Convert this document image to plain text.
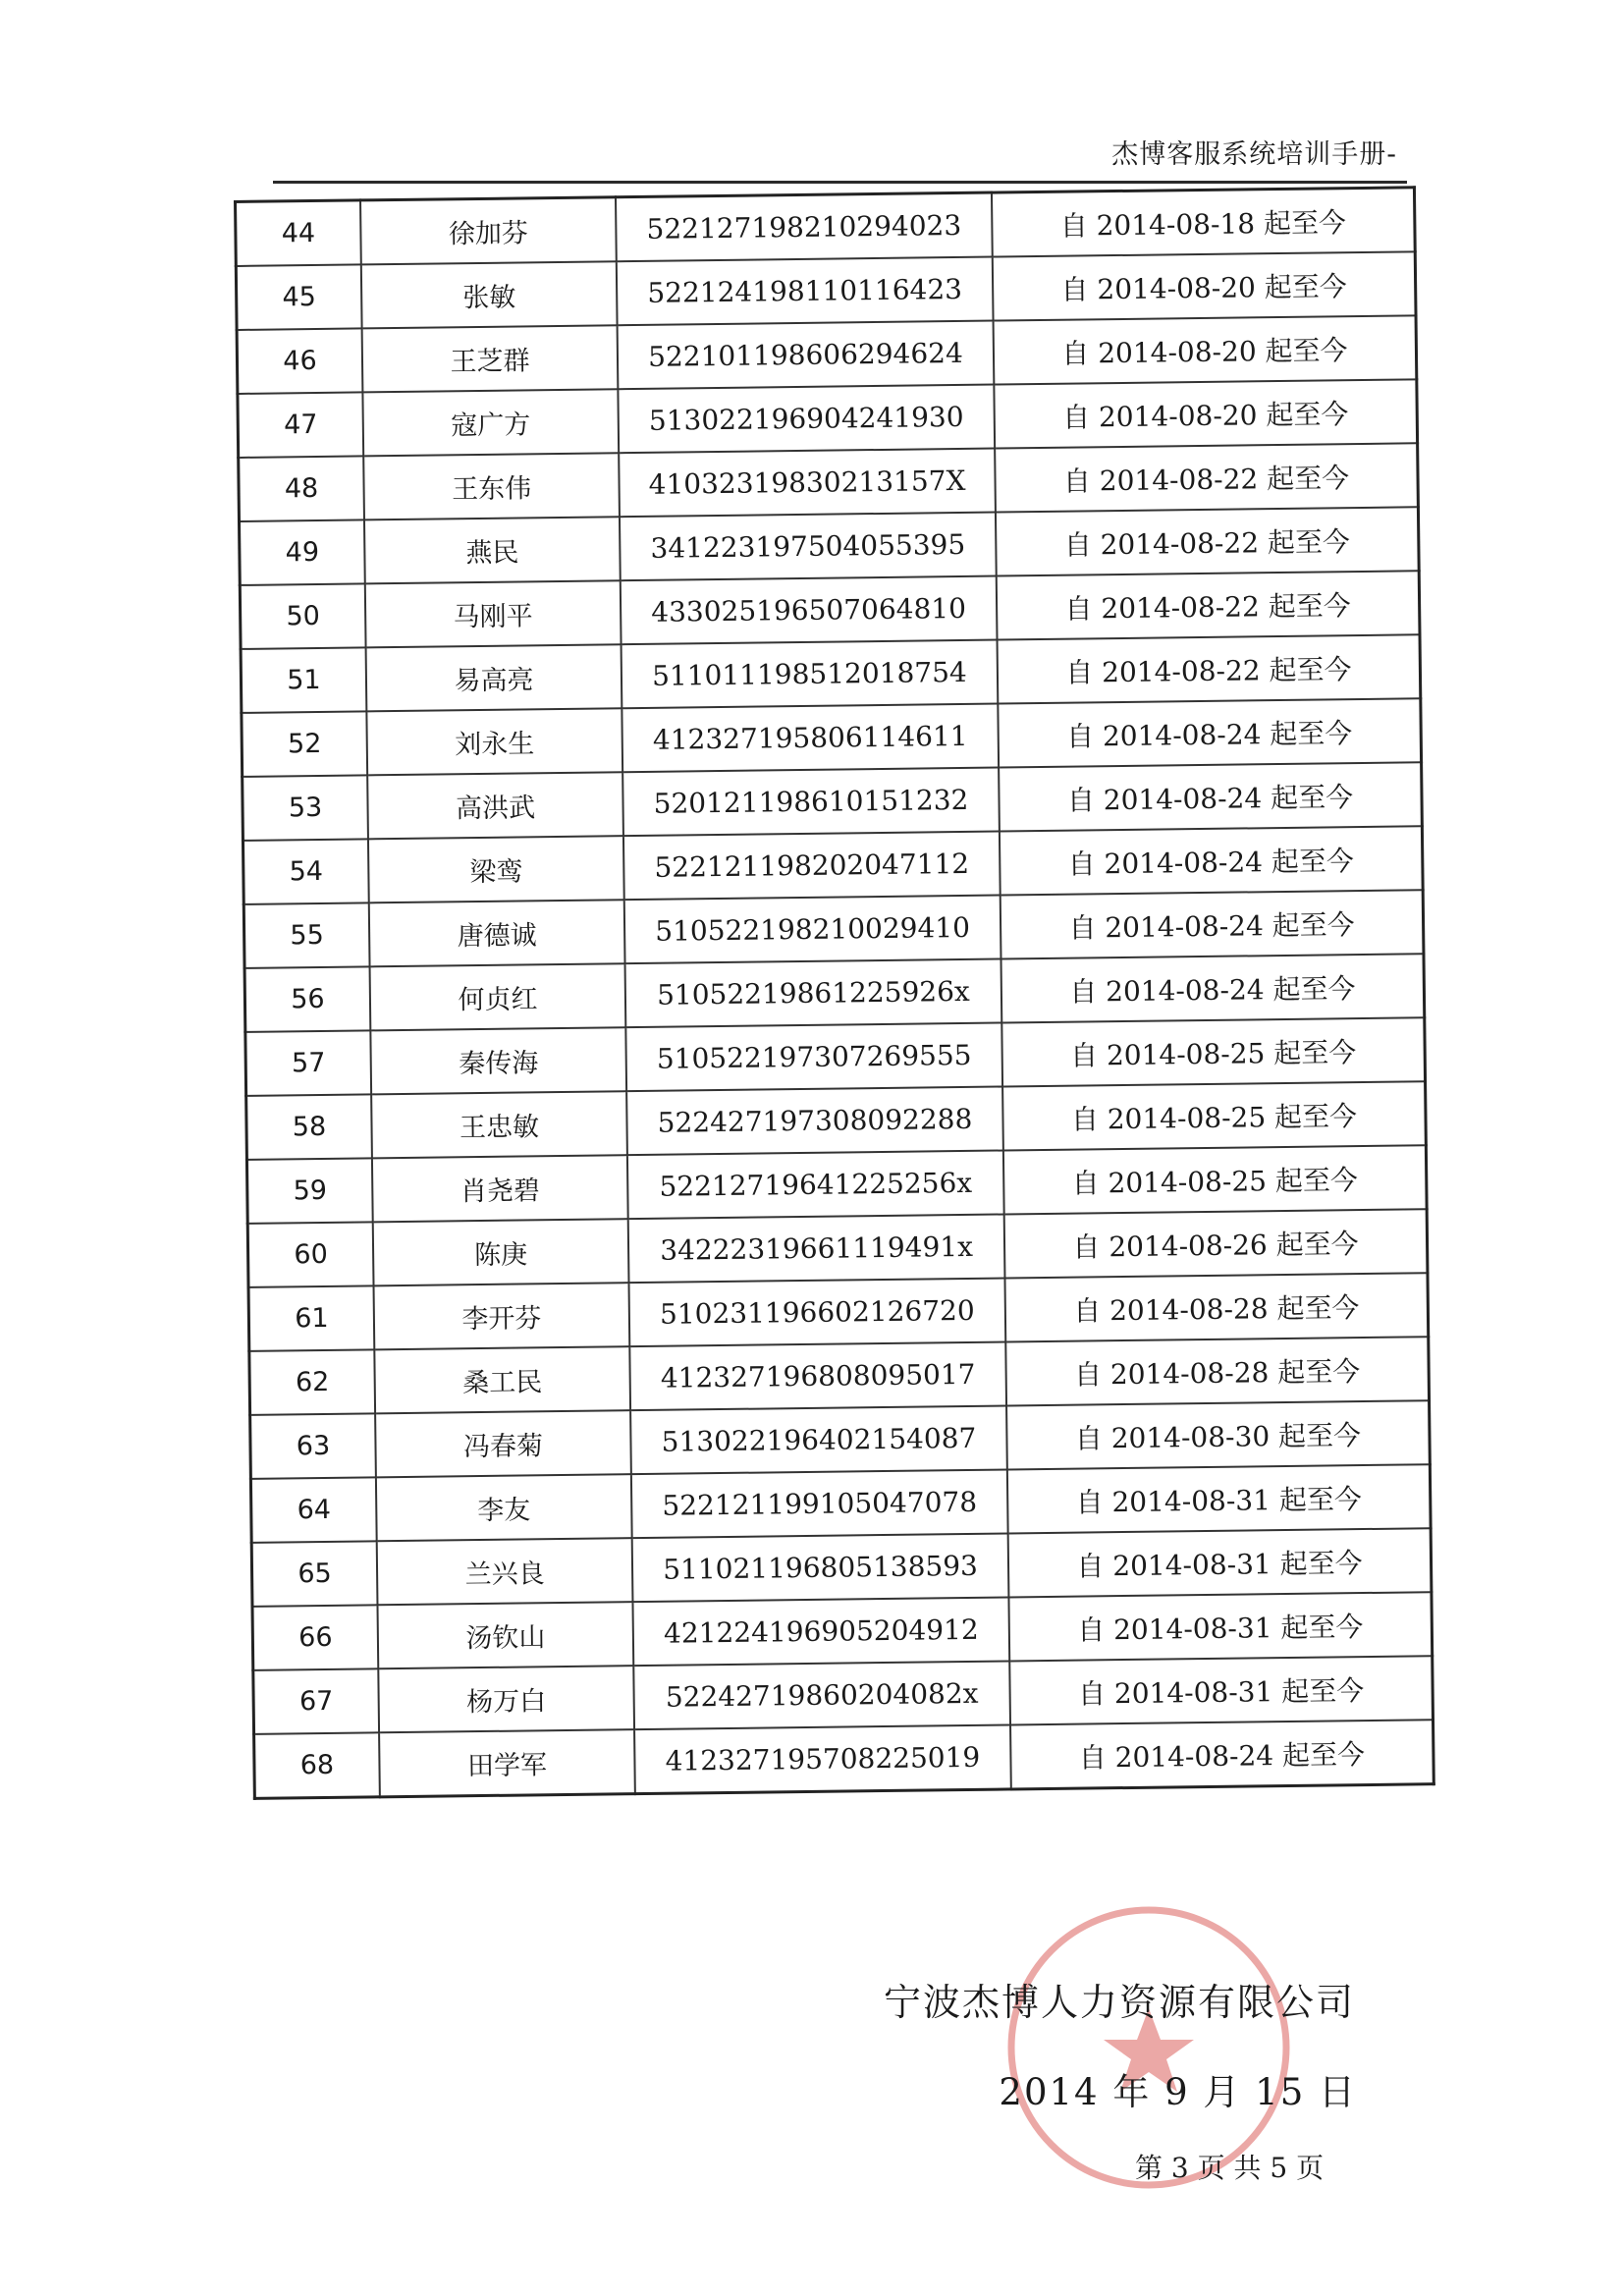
杰博客服系统培训手册-
44	徐加芬	522127198210294023	自 2014-08-18 起至今
45	张敏	522124198110116423	自 2014-08-20 起至今
46	王芝群	522101198606294624	自 2014-08-20 起至今
47	寇广方	513022196904241930	自 2014-08-20 起至今
48	王东伟	41032319830213157X	自 2014-08-22 起至今
49	燕民	341223197504055395	自 2014-08-22 起至今
50	马刚平	433025196507064810	自 2014-08-22 起至今
51	易高亮	511011198512018754	自 2014-08-22 起至今
52	刘永生	412327195806114611	自 2014-08-24 起至今
53	高洪武	520121198610151232	自 2014-08-24 起至今
54	梁鸾	522121198202047112	自 2014-08-24 起至今
55	唐德诚	510522198210029410	自 2014-08-24 起至今
56	何贞红	51052219861225926x	自 2014-08-24 起至今
57	秦传海	510522197307269555	自 2014-08-25 起至今
58	王忠敏	522427197308092288	自 2014-08-25 起至今
59	肖尧碧	52212719641225256x	自 2014-08-25 起至今
60	陈庚	34222319661119491x	自 2014-08-26 起至今
61	李开芬	510231196602126720	自 2014-08-28 起至今
62	桑工民	412327196808095017	自 2014-08-28 起至今
63	冯春菊	513022196402154087	自 2014-08-30 起至今
64	李友	522121199105047078	自 2014-08-31 起至今
65	兰兴良	511021196805138593	自 2014-08-31 起至今
66	汤钦山	421224196905204912	自 2014-08-31 起至今
67	杨万白	52242719860204082x	自 2014-08-31 起至今
68	田学军	412327195708225019	自 2014-08-24 起至今
宁波杰博人力资源有限公司
2014 年 9 月 15 日
第 3 页 共 5 页
